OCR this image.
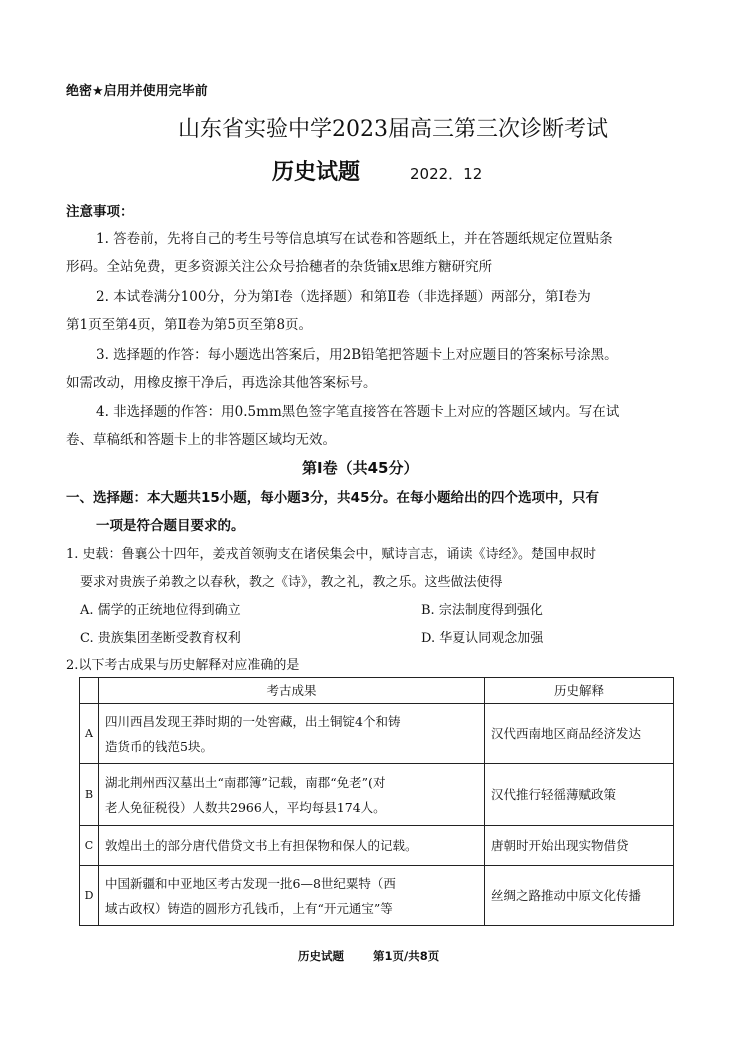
绝密★启用并使用完毕前
山东省实验中学2023届高三第三次诊断考试
历史试题	2022．12
注意事项：
1. 答卷前，先将自己的考生号等信息填写在试卷和答题纸上，并在答题纸规定位置贴条
形码。全站免费，更多资源关注公众号拾穗者的杂货铺x思维方糖研究所
2. 本试卷满分100分，分为第Ⅰ卷（选择题）和第Ⅱ卷（非选择题）两部分，第Ⅰ卷为
第1页至第4页，第Ⅱ卷为第5页至第8页。
3. 选择题的作答：每小题选出答案后，用2B铅笔把答题卡上对应题目的答案标号涂黑。
如需改动，用橡皮擦干净后，再选涂其他答案标号。
4. 非选择题的作答：用0.5mm黑色签字笔直接答在答题卡上对应的答题区域内。写在试
卷、草稿纸和答题卡上的非答题区域均无效。
第Ⅰ卷（共45分）
一、选择题：本大题共15小题，每小题3分，共45分。在每小题给出的四个选项中，只有
一项是符合题目要求的。
1. 史载：鲁襄公十四年，姜戎首领驹支在诸侯集会中，赋诗言志，诵读《诗经》。楚国申叔时
要求对贵族子弟教之以春秋，教之《诗》，教之礼，教之乐。这些做法使得
A. 儒学的正统地位得到确立	B. 宗法制度得到强化
C. 贵族集团垄断受教育权利	D. 华夏认同观念加强
2.以下考古成果与历史解释对应准确的是
	考古成果	历史解释
A	四川西昌发现王莽时期的一处窖藏，出土铜锭4个和铸
造货币的钱范5块。	汉代西南地区商品经济发达
B	湖北荆州西汉墓出土“南郡簿”记载，南郡“免老”(对
老人免征税役）人数共2966人，平均每县174人。	汉代推行轻徭薄赋政策
C	敦煌出土的部分唐代借贷文书上有担保物和保人的记载。	唐朝时开始出现实物借贷
D	中国新疆和中亚地区考古发现一批6—8世纪粟特（西
域古政权）铸造的圆形方孔钱币，上有“开元通宝”等	丝绸之路推动中原文化传播
历史试题	第1页/共8页
